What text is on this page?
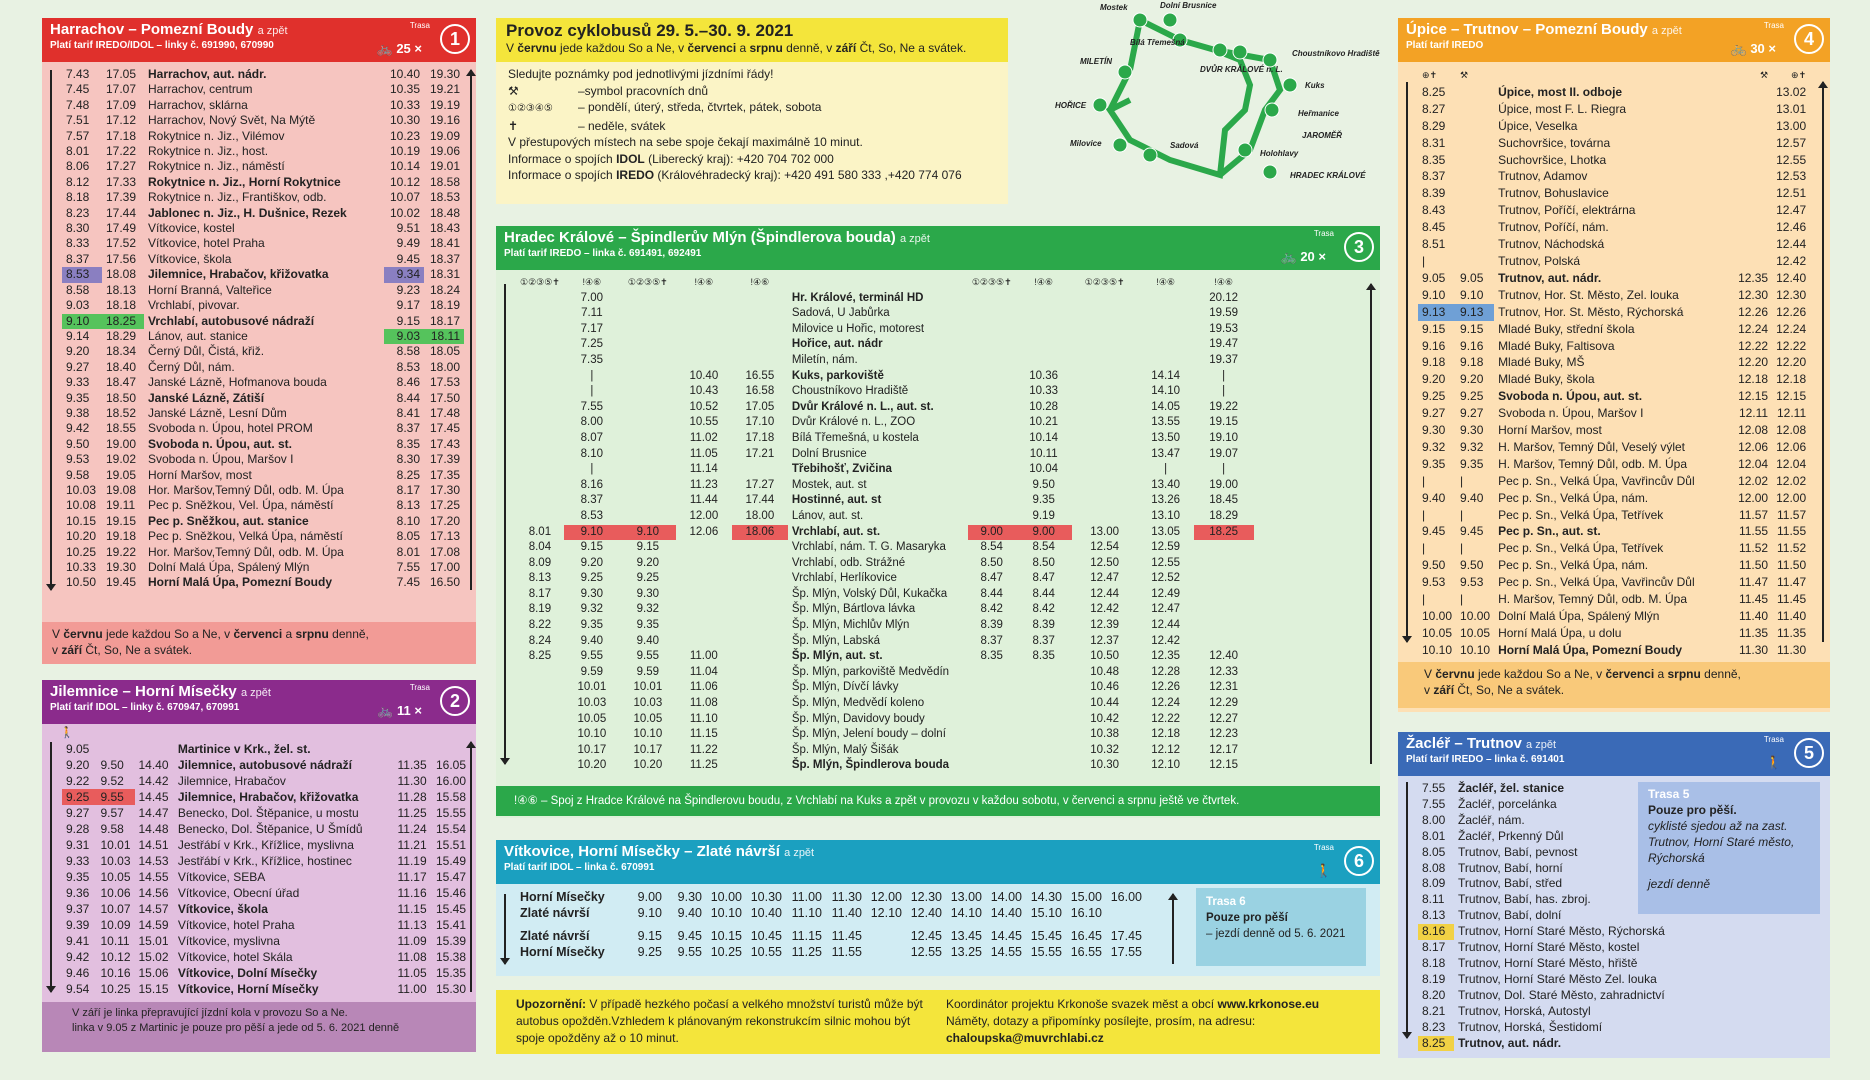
Harrachov – Pomezní Boudy a zpět
Platí tarif IREDO/IDOL – linky č. 691990, 670990
Trasa
🚲 25 ×	1
7.43	17.05	Harrachov, aut. nádr.	10.40	19.30
7.45	17.07	Harrachov, centrum	10.35	19.21
7.48	17.09	Harrachov, sklárna	10.33	19.19
7.51	17.12	Harrachov, Nový Svět, Na Mýtě	10.30	19.16
7.57	17.18	Rokytnice n. Jiz., Vilémov	10.23	19.09
8.01	17.22	Rokytnice n. Jiz., host.	10.19	19.06
8.06	17.27	Rokytnice n. Jiz., náměstí	10.14	19.01
8.12	17.33	Rokytnice n. Jiz., Horní Rokytnice	10.12	18.58
8.18	17.39	Rokytnice n. Jiz., Františkov, odb.	10.07	18.53
8.23	17.44	Jablonec n. Jiz., H. Dušnice, Rezek	10.02	18.48
8.30	17.49	Vítkovice, kostel	9.51	18.43
8.33	17.52	Vítkovice, hotel Praha	9.49	18.41
8.37	17.56	Vítkovice, škola	9.45	18.37
8.53	18.08	Jilemnice, Hrabačov, křižovatka	9.34	18.31
8.58	18.13	Horní Branná, Valteřice	9.23	18.24
9.03	18.18	Vrchlabí, pivovar.	9.17	18.19
9.10	18.25	Vrchlabí, autobusové nádraží	9.15	18.17
9.14	18.29	Lánov, aut. stanice	9.03	18.11
9.20	18.34	Černý Důl, Čistá, křiž.	8.58	18.05
9.27	18.40	Černý Důl, nám.	8.53	18.00
9.33	18.47	Janské Lázně, Hofmanova bouda	8.46	17.53
9.35	18.50	Janské Lázně, Zátiší	8.44	17.50
9.38	18.52	Janské Lázně, Lesní Dům	8.41	17.48
9.42	18.55	Svoboda n. Úpou, hotel PROM	8.37	17.45
9.50	19.00	Svoboda n. Úpou, aut. st.	8.35	17.43
9.53	19.02	Svoboda n. Úpou, Maršov I	8.30	17.39
9.58	19.05	Horní Maršov, most	8.25	17.35
10.03	19.08	Hor. Maršov,Temný Důl, odb. M. Úpa	8.17	17.30
10.08	19.11	Pec p. Sněžkou, Vel. Úpa, náměstí	8.13	17.25
10.15	19.15	Pec p. Sněžkou, aut. stanice	8.10	17.20
10.20	19.18	Pec p. Sněžkou, Velká Úpa, náměstí	8.05	17.13
10.25	19.22	Hor. Maršov,Temný Důl, odb. M. Úpa	8.01	17.08
10.33	19.30	Dolní Malá Úpa, Spálený Mlýn	7.55	17.00
10.50	19.45	Horní Malá Úpa, Pomezní Boudy	7.45	16.50
V červnu jede každou So a Ne, v červenci a srpnu denně,
v září Čt, So, Ne a svátek.
Jilemnice – Horní Mísečky a zpět
Platí tarif IDOL – linky č. 670947, 670991
Trasa
🚲 11 ×	2
🚶
9.05			Martinice v Krk., žel. st.		
9.20	9.50	14.40	Jilemnice, autobusové nádraží	11.35	16.05
9.22	9.52	14.42	Jilemnice, Hrabačov	11.30	16.00
9.25	9.55	14.45	Jilemnice, Hrabačov, křižovatka	11.28	15.58
9.27	9.57	14.47	Benecko, Dol. Štěpanice, u mostu	11.25	15.55
9.28	9.58	14.48	Benecko, Dol. Štěpanice, U Šmídů	11.24	15.54
9.31	10.01	14.51	Jestřábí v Krk., Křížlice, myslivna	11.21	15.51
9.33	10.03	14.53	Jestřábí v Krk., Křížlice, hostinec	11.19	15.49
9.35	10.05	14.55	Vítkovice, SEBA	11.17	15.47
9.36	10.06	14.56	Vítkovice, Obecní úřad	11.16	15.46
9.37	10.07	14.57	Vítkovice, škola	11.15	15.45
9.39	10.09	14.59	Vítkovice, hotel Praha	11.13	15.41
9.41	10.11	15.01	Vítkovice, myslivna	11.09	15.39
9.42	10.12	15.02	Vítkovice, hotel Skála	11.08	15.38
9.46	10.16	15.06	Vítkovice, Dolní Mísečky	11.05	15.35
9.54	10.25	15.15	Vítkovice, Horní Mísečky	11.00	15.30
V září je linka přepravující jízdní kola v provozu So a Ne.
linka v 9.05 z Martinic je pouze pro pěší a jede od 5. 6. 2021 denně
Provoz cyklobusů 29. 5.–30. 9. 2021
V červnu jede každou So a Ne, v červenci a srpnu denně, v září Čt, So, Ne a svátek.
Sledujte poznámky pod jednotlivými jízdními řády!
⚒	–symbol pracovních dnů
①②③④⑤ – pondělí, úterý, středa, čtvrtek, pátek, sobota
✝	– neděle, svátek
V přestupových místech na sebe spoje čekají maximálně 10 minut.
Informace o spojích IDOL (Liberecký kraj): +420 704 702 000
Informace o spojích IREDO (Královéhradecký kraj): +420 491 580 333 ,+420 774 076
Mostek	Dolní Brusnice
Bílá Třemešná
MILETÍN
DVŮR KRÁLOVÉ n. L.
Choustníkovo Hradiště
Kuks
HOŘICE
Heřmanice
JAROMĚŘ
Sadová
Holohlavy
Milovice
HRADEC KRÁLOVÉ
Hradec Králové – Špindlerův Mlýn (Špindlerova bouda) a zpět
Platí tarif IREDO – linka č. 691491, 692491
Trasa
🚲 20 ×	3
①②③⑤✝	!④⑥	①②③⑤✝	!④⑥	!④⑥		①②③⑤✝	!④⑥	①②③⑤✝	!④⑥	!④⑥
	7.00				Hr. Králové, terminál HD					20.12
	7.11				Sadová, U Jabůrka					19.59
	7.17				Milovice u Hořic, motorest					19.53
	7.25				Hořice, aut. nádr					19.47
	7.35				Miletín, nám.					19.37
	|		10.40	16.55	Kuks, parkoviště		10.36		14.14	|
	|		10.43	16.58	Choustníkovo Hradiště		10.33		14.10	|
	7.55		10.52	17.05	Dvůr Králové n. L., aut. st.		10.28		14.05	19.22
	8.00		10.55	17.10	Dvůr Králové n. L., ZOO		10.21		13.55	19.15
	8.07		11.02	17.18	Bílá Třemešná, u kostela		10.14		13.50	19.10
	8.10		11.05	17.21	Dolní Brusnice		10.11		13.47	19.07
	|		11.14		Třebihošť, Zvičina		10.04		|	|
	8.16		11.23	17.27	Mostek, aut. st		9.50		13.40	19.00
	8.37		11.44	17.44	Hostinné, aut. st		9.35		13.26	18.45
	8.53		12.00	18.00	Lánov, aut. st.		9.19		13.10	18.29
8.01	9.10	9.10	12.06	18.06	Vrchlabí, aut. st.	9.00	9.00	13.00	13.05	18.25
8.04	9.15	9.15			Vrchlabí, nám. T. G. Masaryka	8.54	8.54	12.54	12.59	
8.09	9.20	9.20			Vrchlabí, odb. Strážné	8.50	8.50	12.50	12.55	
8.13	9.25	9.25			Vrchlabí, Herlíkovice	8.47	8.47	12.47	12.52	
8.17	9.30	9.30			Šp. Mlýn, Volský Důl, Kukačka	8.44	8.44	12.44	12.49	
8.19	9.32	9.32			Šp. Mlýn, Bártlova lávka	8.42	8.42	12.42	12.47	
8.22	9.35	9.35			Šp. Mlýn, Michlův Mlýn	8.39	8.39	12.39	12.44	
8.24	9.40	9.40			Šp. Mlýn, Labská	8.37	8.37	12.37	12.42	
8.25	9.55	9.55	11.00		Šp. Mlýn, aut. st.	8.35	8.35	10.50	12.35	12.40
	9.59	9.59	11.04		Šp. Mlýn, parkoviště Medvědín			10.48	12.28	12.33
	10.01	10.01	11.06		Šp. Mlýn, Dívčí lávky			10.46	12.26	12.31
	10.03	10.03	11.08		Šp. Mlýn, Medvědí koleno			10.44	12.24	12.29
	10.05	10.05	11.10		Šp. Mlýn, Davidovy boudy			10.42	12.22	12.27
	10.10	10.10	11.15		Šp. Mlýn, Jelení boudy – dolní			10.38	12.18	12.23
	10.17	10.17	11.22		Šp. Mlýn, Malý Šišák			10.32	12.12	12.17
	10.20	10.20	11.25		Šp. Mlýn, Špindlerova bouda			10.30	12.10	12.15
!④⑥ – Spoj z Hradce Králové na Špindlerovu boudu, z Vrchlabí na Kuks a zpět v provozu v každou sobotu, v červenci a srpnu ještě ve čtvrtek.
Vítkovice, Horní Mísečky – Zlaté návrší a zpět
Platí tarif IDOL – linka č. 670991
Trasa
🚶	6
Horní Mísečky	9.00	9.30	10.00	10.30	11.00	11.30	12.00	12.30	13.00	14.00	14.30	15.00	16.00
Zlaté návrší	9.10	9.40	10.10	10.40	11.10	11.40	12.10	12.40	14.10	14.40	15.10	16.10	
Zlaté návrší	9.15	9.45	10.15	10.45	11.15	11.45		12.45	13.45	14.45	15.45	16.45	17.45
Horní Mísečky	9.25	9.55	10.25	10.55	11.25	11.55		12.55	13.25	14.55	15.55	16.55	17.55
Trasa 6
Pouze pro pěší
– jezdí denně od 5. 6. 2021
Upozornění: V případě hezkého počasí a velkého množství turistů může být autobus opožděn.Vzhledem k plánovaným rekonstrukcím silnic mohou být spoje opožděny až o 10 minut.
Koordinátor projektu Krkonoše svazek měst a obcí www.krkonose.eu
Náměty, dotazy a připomínky posílejte, prosím, na adresu:
chaloupska@muvrchlabi.cz
Úpice – Trutnov – Pomezní Boudy a zpět
Platí tarif IREDO
Trasa
🚲 30 ×	4
⊕✝	⚒		⚒	⊕✝
8.25		Úpice, most II. odboje		13.02
8.27		Úpice, most F. L. Riegra		13.01
8.29		Úpice, Veselka		13.00
8.31		Suchovršice, továrna		12.57
8.35		Suchovršice, Lhotka		12.55
8.37		Trutnov, Adamov		12.53
8.39		Trutnov, Bohuslavice		12.51
8.43		Trutnov, Poříčí, elektrárna		12.47
8.45		Trutnov, Poříčí, nám.		12.46
8.51		Trutnov, Náchodská		12.44
|		Trutnov, Polská		12.42
9.05	9.05	Trutnov, aut. nádr.	12.35	12.40
9.10	9.10	Trutnov, Hor. St. Město, Zel. louka	12.30	12.30
9.13	9.13	Trutnov, Hor. St. Město, Rýchorská	12.26	12.26
9.15	9.15	Mladé Buky, střední škola	12.24	12.24
9.16	9.16	Mladé Buky, Faltisova	12.22	12.22
9.18	9.18	Mladé Buky, MŠ	12.20	12.20
9.20	9.20	Mladé Buky, škola	12.18	12.18
9.25	9.25	Svoboda n. Úpou, aut. st.	12.15	12.15
9.27	9.27	Svoboda n. Úpou, Maršov I	12.11	12.11
9.30	9.30	Horní Maršov, most	12.08	12.08
9.32	9.32	H. Maršov, Temný Důl, Veselý výlet	12.06	12.06
9.35	9.35	H. Maršov, Temný Důl, odb. M. Úpa	12.04	12.04
|	|	Pec p. Sn., Velká Úpa, Vavřincův Důl	12.02	12.02
9.40	9.40	Pec p. Sn., Velká Úpa, nám.	12.00	12.00
|	|	Pec p. Sn., Velká Úpa, Tetřívek	11.57	11.57
9.45	9.45	Pec p. Sn., aut. st.	11.55	11.55
|	|	Pec p. Sn., Velká Úpa, Tetřívek	11.52	11.52
9.50	9.50	Pec p. Sn., Velká Úpa, nám.	11.50	11.50
9.53	9.53	Pec p. Sn., Velká Úpa, Vavřincův Důl	11.47	11.47
|	|	H. Maršov, Temný Důl, odb. M. Úpa	11.45	11.45
10.00	10.00	Dolní Malá Úpa, Spálený Mlýn	11.40	11.40
10.05	10.05	Horní Malá Úpa, u dolu	11.35	11.35
10.10	10.10	Horní Malá Úpa, Pomezní Boudy	11.30	11.30
V červnu jede každou So a Ne, v červenci a srpnu denně,
v září Čt, So, Ne a svátek.
Žacléř – Trutnov a zpět
Platí tarif IREDO – linka č. 691401
Trasa
🚶	5
7.55	Žacléř, žel. stanice
7.55	Žacléř, porcelánka
8.00	Žacléř, nám.
8.01	Žacléř, Prkenný Důl
8.05	Trutnov, Babí, pevnost
8.08	Trutnov, Babí, horní
8.09	Trutnov, Babí, střed
8.11	Trutnov, Babí, has. zbroj.
8.13	Trutnov, Babí, dolní
8.16	Trutnov, Horní Staré Město, Rýchorská
8.17	Trutnov, Horní Staré Město, kostel
8.18	Trutnov, Horní Staré Město, hřiště
8.19	Trutnov, Horní Staré Město Zel. louka
8.20	Trutnov, Dol. Staré Město, zahradnictví
8.21	Trutnov, Horská, Autostyl
8.23	Trutnov, Horská, Šestidomí
8.25	Trutnov, aut. nádr.
Trasa 5
Pouze pro pěší.
cyklisté sjedou až na zast. Trutnov, Horní Staré město, Rýchorská
jezdí denně
